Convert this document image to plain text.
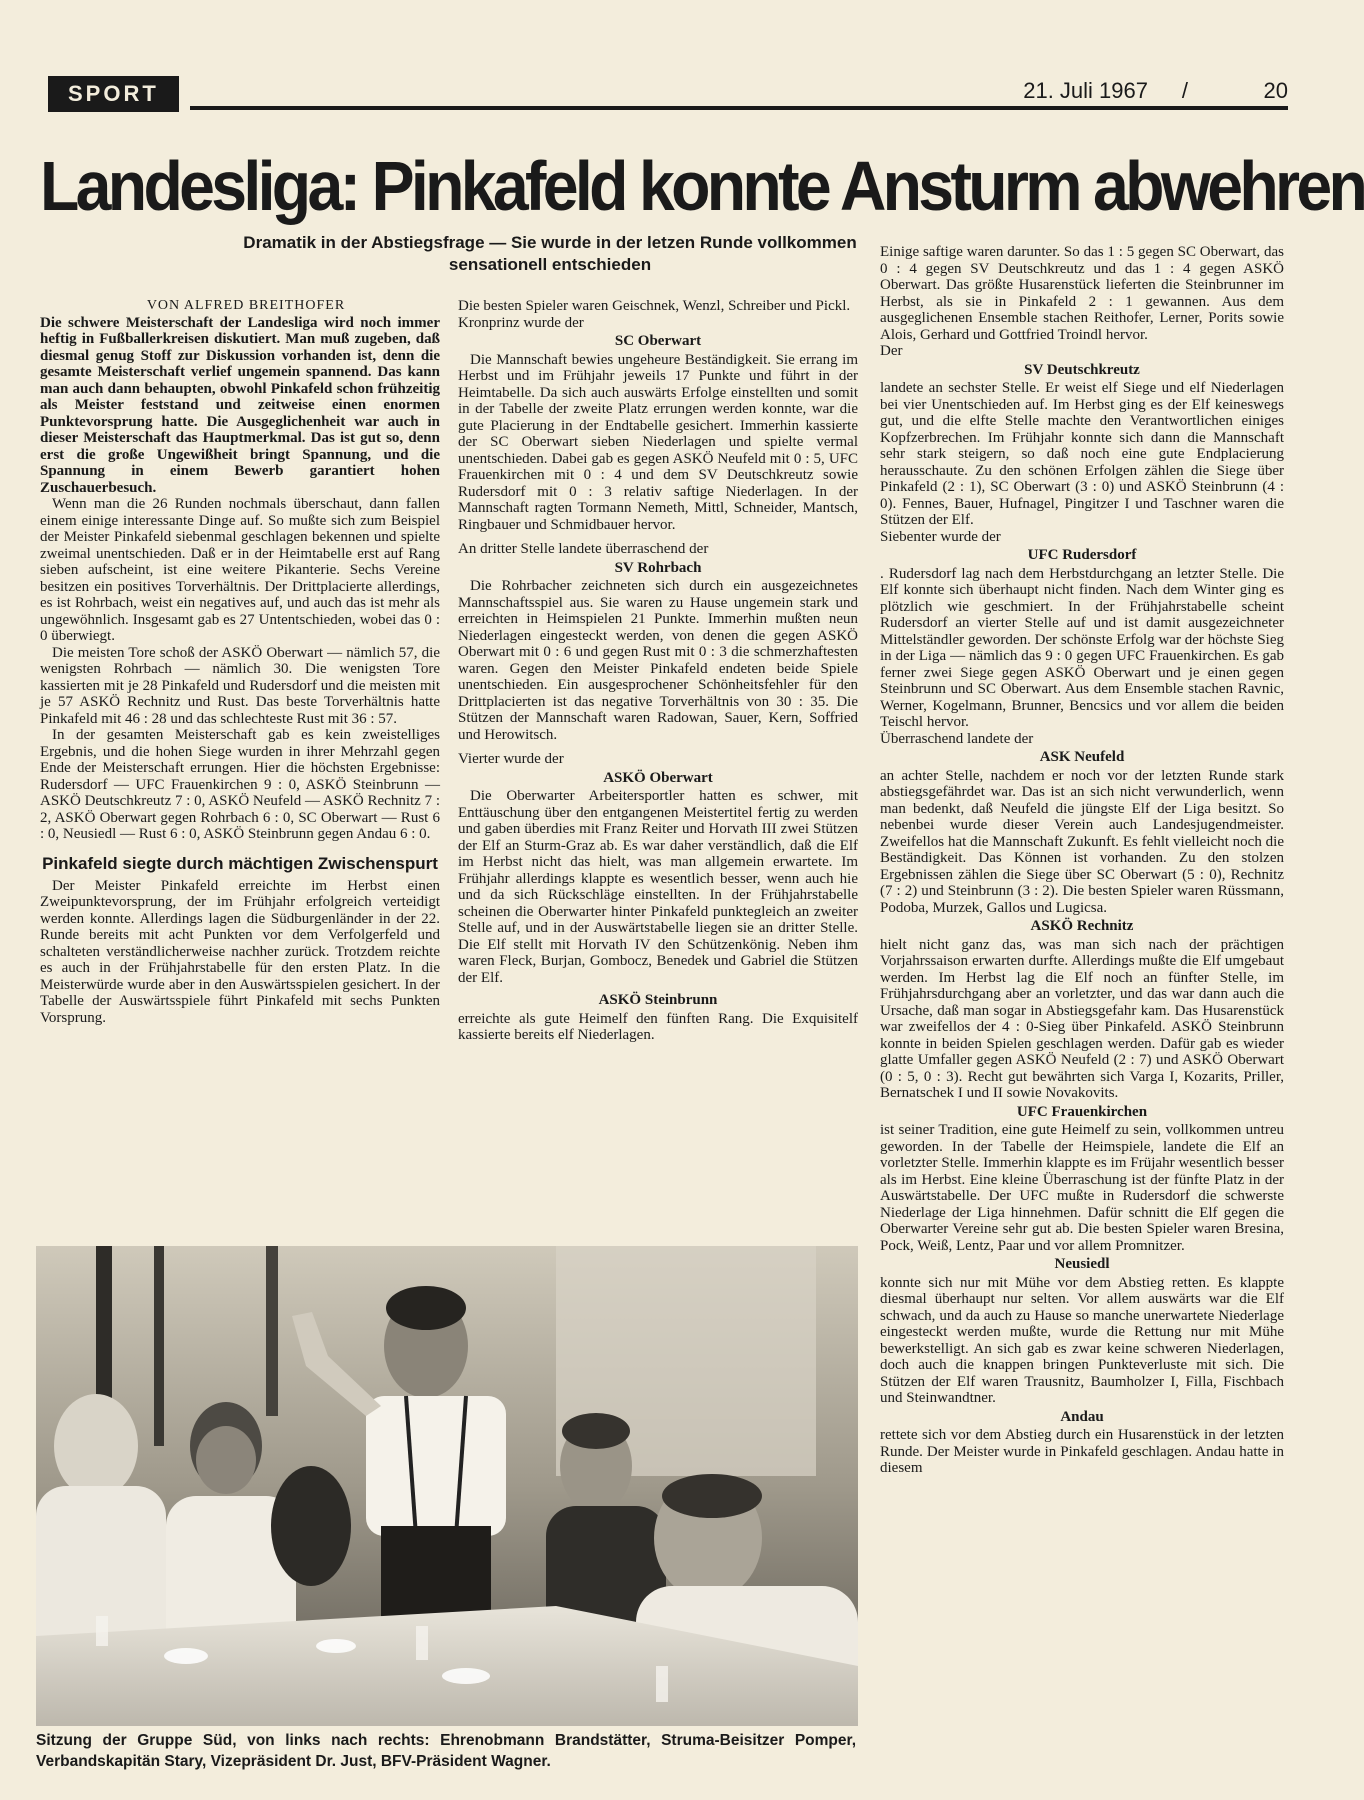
SPORT	21. Juli 1967 /	20
Landesliga: Pinkafeld konnte Ansturm abwehren
Dramatik in der Abstiegsfrage — Sie wurde in der letzen Runde vollkommen sensationell entschieden

VON ALFRED BREITHOFER

Die schwere Meisterschaft der Landesliga wird noch immer heftig in Fußballerkreisen diskutiert. Man muß zugeben, daß diesmal genug Stoff zur Diskussion vorhanden ist, denn die gesamte Meisterschaft verlief ungemein spannend. Das kann man auch dann behaupten, obwohl Pinkafeld schon frühzeitig als Meister feststand und zeitweise einen enormen Punktevorsprung hatte. Die Ausgeglichenheit war auch in dieser Meisterschaft das Hauptmerkmal. Das ist gut so, denn erst die große Ungewißheit bringt Spannung, und die Spannung in einem Bewerb garantiert hohen Zuschauerbesuch.

Wenn man die 26 Runden nochmals überschaut, dann fallen einem einige interessante Dinge auf. So mußte sich zum Beispiel der Meister Pinkafeld siebenmal geschlagen bekennen und spielte zweimal unentschieden. Daß er in der Heimtabelle erst auf Rang sieben aufscheint, ist eine weitere Pikanterie. Sechs Vereine besitzen ein positives Torverhältnis. Der Drittplacierte allerdings, es ist Rohrbach, weist ein negatives auf, und auch das ist mehr als ungewöhnlich. Insgesamt gab es 27 Untentschieden, wobei das 0 : 0 überwiegt.

Die meisten Tore schoß der ASKÖ Oberwart — nämlich 57, die wenigsten Rohrbach — nämlich 30. Die wenigsten Tore kassierten mit je 28 Pinkafeld und Rudersdorf und die meisten mit je 57 ASKÖ Rechnitz und Rust. Das beste Torverhältnis hatte Pinkafeld mit 46 : 28 und das schlechteste Rust mit 36 : 57.

In der gesamten Meisterschaft gab es kein zweistelliges Ergebnis, und die hohen Siege wurden in ihrer Mehrzahl gegen Ende der Meisterschaft errungen. Hier die höchsten Ergebnisse: Rudersdorf — UFC Frauenkirchen 9 : 0, ASKÖ Steinbrunn — ASKÖ Deutschkreutz 7 : 0, ASKÖ Neufeld — ASKÖ Rechnitz 7 : 2, ASKÖ Oberwart gegen Rohrbach 6 : 0, SC Oberwart — Rust 6 : 0, Neusiedl — Rust 6 : 0, ASKÖ Steinbrunn gegen Andau 6 : 0.

Pinkafeld siegte durch mächtigen Zwischenspurt

Der Meister Pinkafeld erreichte im Herbst einen Zweipunktevorsprung, der im Frühjahr erfolgreich verteidigt werden konnte. Allerdings lagen die Südburgenländer in der 22. Runde bereits mit acht Punkten vor dem Verfolgerfeld und schalteten verständlicherweise nachher zurück. Trotzdem reichte es auch in der Frühjahrstabelle für den ersten Platz. In die Meisterwürde wurde aber in den Auswärtsspielen gesichert. In der Tabelle der Auswärtsspiele führt Pinkafeld mit sechs Punkten Vorsprung.

Die besten Spieler waren Geischnek, Wenzl, Schreiber und Pickl.

Kronprinz wurde der

SC Oberwart

Die Mannschaft bewies ungeheure Beständigkeit. Sie errang im Herbst und im Frühjahr jeweils 17 Punkte und führt in der Heimtabelle. Da sich auch auswärts Erfolge einstellten und somit in der Tabelle der zweite Platz errungen werden konnte, war die gute Placierung in der Endtabelle gesichert. Immerhin kassierte der SC Oberwart sieben Niederlagen und spielte vermal unentschieden. Dabei gab es gegen ASKÖ Neufeld mit 0 : 5, UFC Frauenkirchen mit 0 : 4 und dem SV Deutschkreutz sowie Rudersdorf mit 0 : 3 relativ saftige Niederlagen. In der Mannschaft ragten Tormann Nemeth, Mittl, Schneider, Mantsch, Ringbauer und Schmidbauer hervor.

An dritter Stelle landete überraschend der

SV Rohrbach

Die Rohrbacher zeichneten sich durch ein ausgezeichnetes Mannschaftsspiel aus. Sie waren zu Hause ungemein stark und erreichten in Heimspielen 21 Punkte. Immerhin mußten neun Niederlagen eingesteckt werden, von denen die gegen ASKÖ Oberwart mit 0 : 6 und gegen Rust mit 0 : 3 die schmerzhaftesten waren. Gegen den Meister Pinkafeld endeten beide Spiele unentschieden. Ein ausgesprochener Schönheitsfehler für den Drittplacierten ist das negative Torverhältnis von 30 : 35. Die Stützen der Mannschaft waren Radowan, Sauer, Kern, Soffried und Herowitsch.

Vierter wurde der

ASKÖ Oberwart

Die Oberwarter Arbeitersportler hatten es schwer, mit Enttäuschung über den entgangenen Meistertitel fertig zu werden und gaben überdies mit Franz Reiter und Horvath III zwei Stützen der Elf an Sturm-Graz ab. Es war daher verständlich, daß die Elf im Herbst nicht das hielt, was man allgemein erwartete. Im Frühjahr allerdings klappte es wesentlich besser, wenn auch hie und da sich Rückschläge einstellten. In der Frühjahrstabelle scheinen die Oberwarter hinter Pinkafeld punktegleich an zweiter Stelle auf, und in der Auswärtstabelle liegen sie an dritter Stelle. Die Elf stellt mit Horvath IV den Schützenkönig. Neben ihm waren Fleck, Burjan, Gombocz, Benedek und Gabriel die Stützen der Elf.

ASKÖ Steinbrunn

erreichte als gute Heimelf den fünften Rang. Die Exquisitelf kassierte bereits elf Niederlagen.

Einige saftige waren darunter. So das 1 : 5 gegen SC Oberwart, das 0 : 4 gegen SV Deutschkreutz und das 1 : 4 gegen ASKÖ Oberwart. Das größte Husarenstück lieferten die Steinbrunner im Herbst, als sie in Pinkafeld 2 : 1 gewannen. Aus dem ausgeglichenen Ensemble stachen Reithofer, Lerner, Porits sowie Alois, Gerhard und Gottfried Troindl hervor.

Der

SV Deutschkreutz

landete an sechster Stelle. Er weist elf Siege und elf Niederlagen bei vier Unentschieden auf. Im Herbst ging es der Elf keineswegs gut, und die elfte Stelle machte den Verantwortlichen einiges Kopfzerbrechen. Im Frühjahr konnte sich dann die Mannschaft sehr stark steigern, so daß noch eine gute Endplacierung herausschaute. Zu den schönen Erfolgen zählen die Siege über Pinkafeld (2 : 1), SC Oberwart (3 : 0) und ASKÖ Steinbrunn (4 : 0). Fennes, Bauer, Hufnagel, Pingitzer I und Taschner waren die Stützen der Elf.

Siebenter wurde der

UFC Rudersdorf

. Rudersdorf lag nach dem Herbstdurchgang an letzter Stelle. Die Elf konnte sich überhaupt nicht finden. Nach dem Winter ging es plötzlich wie geschmiert. In der Frühjahrstabelle scheint Rudersdorf an vierter Stelle auf und ist damit ausgezeichneter Mittelständler geworden. Der schönste Erfolg war der höchste Sieg in der Liga — nämlich das 9 : 0 gegen UFC Frauenkirchen. Es gab ferner zwei Siege gegen ASKÖ Oberwart und je einen gegen Steinbrunn und SC Oberwart. Aus dem Ensemble stachen Ravnic, Werner, Kogelmann, Brunner, Bencsics und vor allem die beiden Teischl hervor.

Überraschend landete der

ASK Neufeld

an achter Stelle, nachdem er noch vor der letzten Runde stark abstiegsgefährdet war. Das ist an sich nicht verwunderlich, wenn man bedenkt, daß Neufeld die jüngste Elf der Liga besitzt. So nebenbei wurde dieser Verein auch Landesjugendmeister. Zweifellos hat die Mannschaft Zukunft. Es fehlt vielleicht noch die Beständigkeit. Das Können ist vorhanden. Zu den stolzen Ergebnissen zählen die Siege über SC Oberwart (5 : 0), Rechnitz (7 : 2) und Steinbrunn (3 : 2). Die besten Spieler waren Rüssmann, Podoba, Murzek, Gallos und Lugicsa.

ASKÖ Rechnitz

hielt nicht ganz das, was man sich nach der prächtigen Vorjahrssaison erwarten durfte. Allerdings mußte die Elf umgebaut werden. Im Herbst lag die Elf noch an fünfter Stelle, im Frühjahrsdurchgang aber an vorletzter, und das war dann auch die Ursache, daß man sogar in Abstiegsgefahr kam. Das Husarenstück war zweifellos der 4 : 0-Sieg über Pinkafeld. ASKÖ Steinbrunn konnte in beiden Spielen geschlagen werden. Dafür gab es wieder glatte Umfaller gegen ASKÖ Neufeld (2 : 7) und ASKÖ Oberwart (0 : 5, 0 : 3). Recht gut bewährten sich Varga I, Kozarits, Priller, Bernatschek I und II sowie Novakovits.

UFC Frauenkirchen

ist seiner Tradition, eine gute Heimelf zu sein, vollkommen untreu geworden. In der Tabelle der Heimspiele, landete die Elf an vorletzter Stelle. Immerhin klappte es im Früjahr wesentlich besser als im Herbst. Eine kleine Überraschung ist der fünfte Platz in der Auswärtstabelle. Der UFC mußte in Rudersdorf die schwerste Niederlage der Liga hinnehmen. Dafür schnitt die Elf gegen die Oberwarter Vereine sehr gut ab. Die besten Spieler waren Bresina, Pock, Weiß, Lentz, Paar und vor allem Promnitzer.

Neusiedl

konnte sich nur mit Mühe vor dem Abstieg retten. Es klappte diesmal überhaupt nur selten. Vor allem auswärts war die Elf schwach, und da auch zu Hause so manche unerwartete Niederlage eingesteckt werden mußte, wurde die Rettung nur mit Mühe bewerkstelligt. An sich gab es zwar keine schweren Niederlagen, doch auch die knappen bringen Punkteverluste mit sich. Die Stützen der Elf waren Trausnitz, Baumholzer I, Filla, Fischbach und Steinwandtner.

Andau

rettete sich vor dem Abstieg durch ein Husarenstück in der letzten Runde. Der Meister wurde in Pinkafeld geschlagen. Andau hatte in diesem

Sitzung der Gruppe Süd, von links nach rechts: Ehrenobmann Brandstätter, Struma-Beisitzer Pomper, Verbandskapitän Stary, Vizepräsident Dr. Just, BFV-Präsident Wagner.
